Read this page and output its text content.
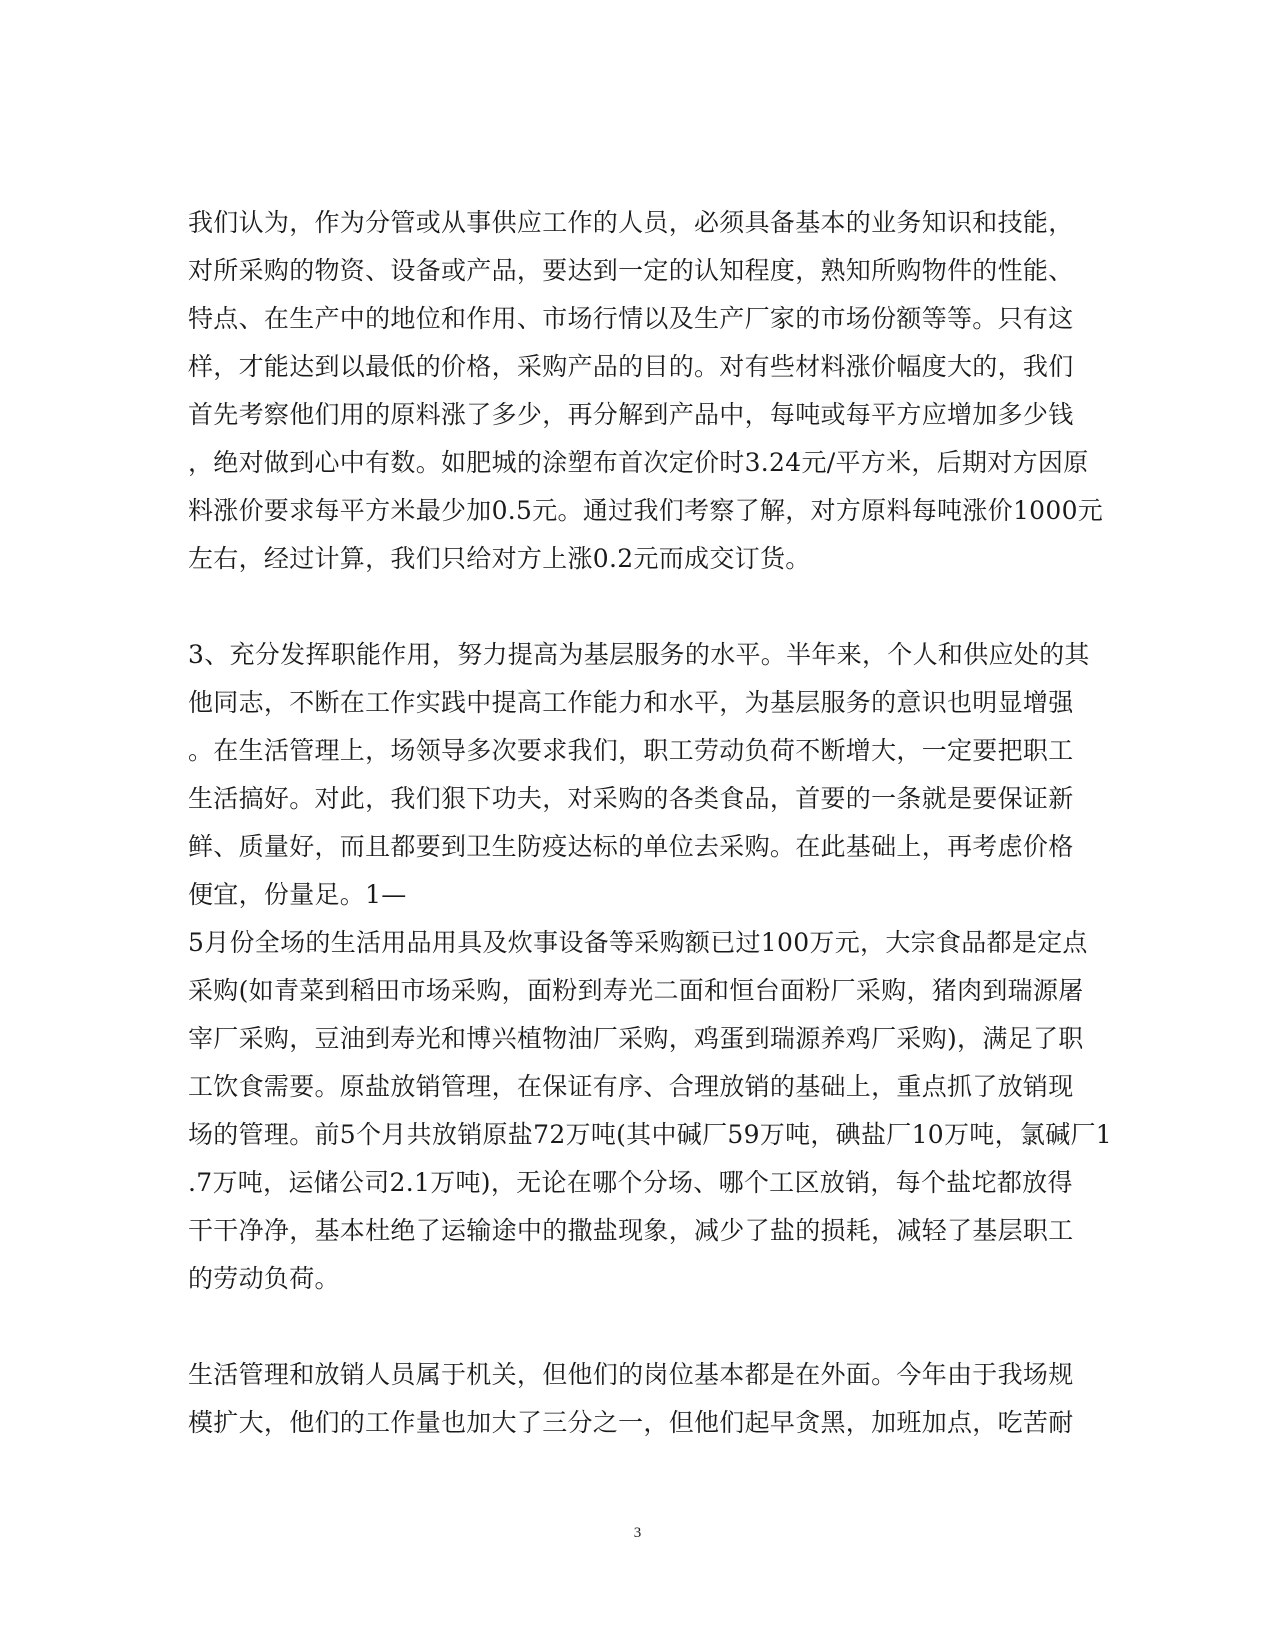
我们认为，作为分管或从事供应工作的人员，必须具备基本的业务知识和技能，
对所采购的物资、设备或产品，要达到一定的认知程度，熟知所购物件的性能、
特点、在生产中的地位和作用、市场行情以及生产厂家的市场份额等等。只有这
样，才能达到以最低的价格，采购产品的目的。对有些材料涨价幅度大的，我们
首先考察他们用的原料涨了多少，再分解到产品中，每吨或每平方应增加多少钱
，绝对做到心中有数。如肥城的涂塑布首次定价时3.24元/平方米，后期对方因原
料涨价要求每平方米最少加0.5元。通过我们考察了解，对方原料每吨涨价1000元
左右，经过计算，我们只给对方上涨0.2元而成交订货。
3、充分发挥职能作用，努力提高为基层服务的水平。半年来，个人和供应处的其
他同志，不断在工作实践中提高工作能力和水平，为基层服务的意识也明显增强
。在生活管理上，场领导多次要求我们，职工劳动负荷不断增大，一定要把职工
生活搞好。对此，我们狠下功夫，对采购的各类食品，首要的一条就是要保证新
鲜、质量好，而且都要到卫生防疫达标的单位去采购。在此基础上，再考虑价格
便宜，份量足。1—
5月份全场的生活用品用具及炊事设备等采购额已过100万元，大宗食品都是定点
采购(如青菜到稻田市场采购，面粉到寿光二面和恒台面粉厂采购，猪肉到瑞源屠
宰厂采购，豆油到寿光和博兴植物油厂采购，鸡蛋到瑞源养鸡厂采购)，满足了职
工饮食需要。原盐放销管理，在保证有序、合理放销的基础上，重点抓了放销现
场的管理。前5个月共放销原盐72万吨(其中碱厂59万吨，碘盐厂10万吨，氯碱厂1
.7万吨，运储公司2.1万吨)，无论在哪个分场、哪个工区放销，每个盐坨都放得
干干净净，基本杜绝了运输途中的撒盐现象，减少了盐的损耗，减轻了基层职工
的劳动负荷。
生活管理和放销人员属于机关，但他们的岗位基本都是在外面。今年由于我场规
模扩大，他们的工作量也加大了三分之一，但他们起早贪黑，加班加点，吃苦耐
3
